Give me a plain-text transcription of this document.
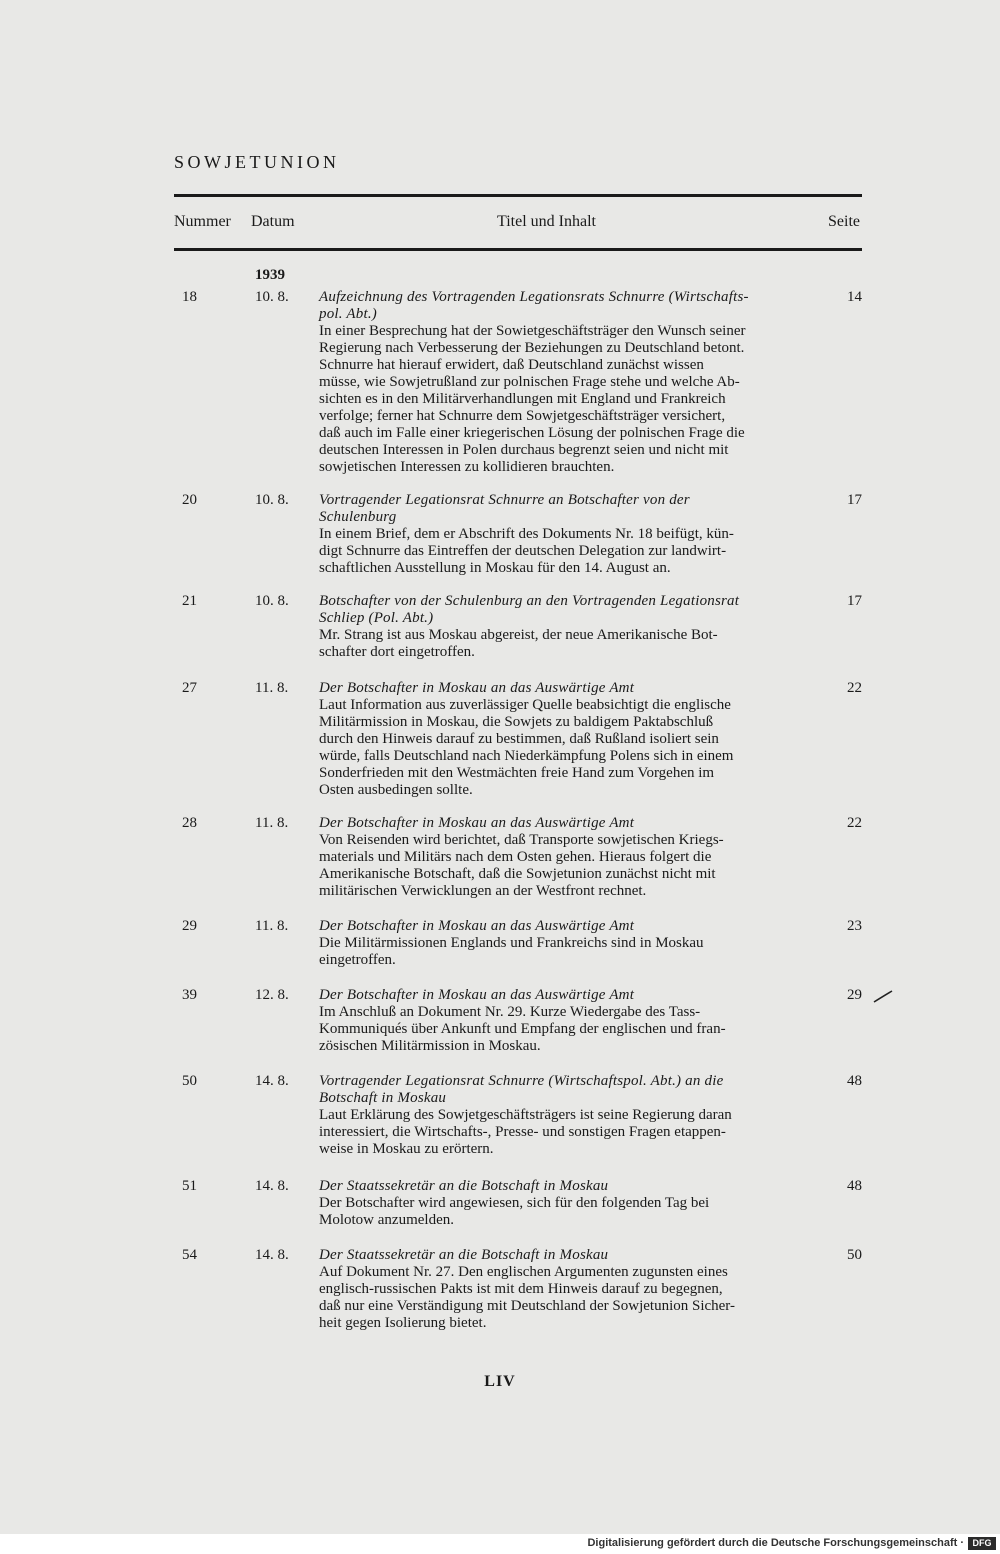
SOWJETUNION
Nummer Datum	Titel und Inhalt	Seite
1939
18	10. 8. Aufzeichnung des Vortragenden Legationsrats Schnurre (Wirtschafts-
pol. Abt.)
In einer Besprechung hat der Sowietgeschäftsträger den Wunsch seiner
Regierung nach Verbesserung der Beziehungen zu Deutschland betont.
Schnurre hat hierauf erwidert, daß Deutschland zunächst wissen
müsse, wie Sowjetrußland zur polnischen Frage stehe und welche Ab-
sichten es in den Militärverhandlungen mit England und Frankreich
verfolge; ferner hat Schnurre dem Sowjetgeschäftsträger versichert,
daß auch im Falle einer kriegerischen Lösung der polnischen Frage die
deutschen Interessen in Polen durchaus begrenzt seien und nicht mit
sowjetischen Interessen zu kollidieren brauchten.
14
20	10. 8. Vortragender Legationsrat Schnurre an Botschafter von der
Schulenburg
In einem Brief, dem er Abschrift des Dokuments Nr. 18 beifügt, kün-
digt Schnurre das Eintreffen der deutschen Delegation zur landwirt-
schaftlichen Ausstellung in Moskau für den 14. August an.
17
21	10. 8. Botschafter von der Schulenburg an den Vortragenden Legationsrat
Schliep (Pol. Abt.)
Mr. Strang ist aus Moskau abgereist, der neue Amerikanische Bot-
schafter dort eingetroffen.
17
27	11. 8. Der Botschafter in Moskau an das Auswärtige Amt
Laut Information aus zuverlässiger Quelle beabsichtigt die englische
Militärmission in Moskau, die Sowjets zu baldigem Paktabschluß
durch den Hinweis darauf zu bestimmen, daß Rußland isoliert sein
würde, falls Deutschland nach Niederkämpfung Polens sich in einem
Sonderfrieden mit den Westmächten freie Hand zum Vorgehen im
Osten ausbedingen sollte.
22
28	11. 8. Der Botschafter in Moskau an das Auswärtige Amt
Von Reisenden wird berichtet, daß Transporte sowjetischen Kriegs-
materials und Militärs nach dem Osten gehen. Hieraus folgert die
Amerikanische Botschaft, daß die Sowjetunion zunächst nicht mit
militärischen Verwicklungen an der Westfront rechnet.
22
29	11. 8. Der Botschafter in Moskau an das Auswärtige Amt
Die Militärmissionen Englands und Frankreichs sind in Moskau
eingetroffen.
23
39	12. 8. Der Botschafter in Moskau an das Auswärtige Amt
Im Anschluß an Dokument Nr. 29. Kurze Wiedergabe des Tass-
Kommuniqués über Ankunft und Empfang der englischen und fran-
zösischen Militärmission in Moskau.
29
50	14. 8. Vortragender Legationsrat Schnurre (Wirtschaftspol. Abt.) an die
Botschaft in Moskau
Laut Erklärung des Sowjetgeschäftsträgers ist seine Regierung daran
interessiert, die Wirtschafts-, Presse- und sonstigen Fragen etappen-
weise in Moskau zu erörtern.
48
51	14. 8. Der Staatssekretär an die Botschaft in Moskau
Der Botschafter wird angewiesen, sich für den folgenden Tag bei
Molotow anzumelden.
48
54	14. 8. Der Staatssekretär an die Botschaft in Moskau
Auf Dokument Nr. 27. Den englischen Argumenten zugunsten eines
englisch-russischen Pakts ist mit dem Hinweis darauf zu begegnen,
daß nur eine Verständigung mit Deutschland der Sowjetunion Sicher-
heit gegen Isolierung bietet.
50
LIV
Digitalisierung gefördert durch die Deutsche Forschungsgemeinschaft · DFG
